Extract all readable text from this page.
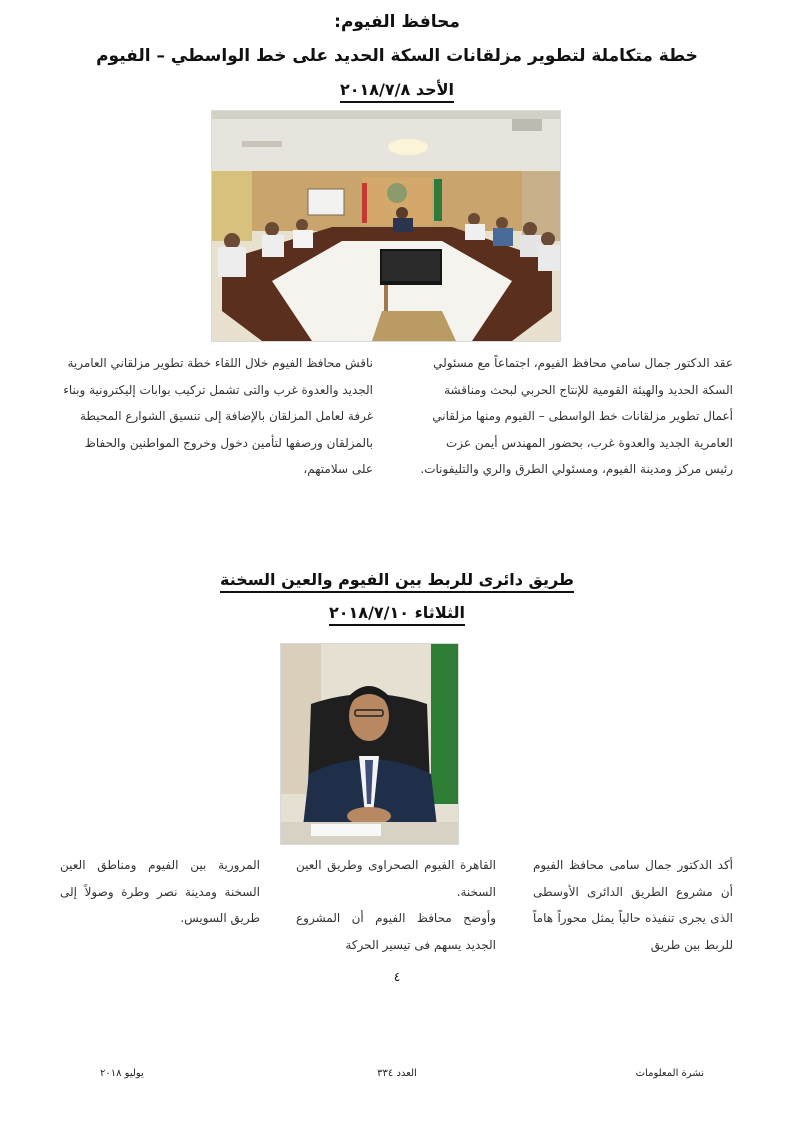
محافظ الفيوم:
خطة متكاملة لتطوير مزلقانات السكة الحديد على خط الواسطي – الفيوم
الأحد ٢٠١٨/٧/٨

عقد الدكتور جمال سامي محافظ الفيوم، اجتماعاً مع مسئولي السكة الحديد والهيئة القومية للإنتاج الحربي لبحث ومناقشة أعمال تطوير مزلقانات خط الواسطى – الفيوم ومنها مزلقاني العامرية الجديد والعدوة غرب، بحضور المهندس أيمن عزت رئيس مركز ومدينة الفيوم، ومسئولي الطرق والري والتليفونات.

ناقش محافظ الفيوم خلال اللقاء خطة تطوير مزلقاني العامرية الجديد والعدوة غرب والتى تشمل تركيب بوابات إليكترونية وبناء غرفة لعامل المزلقان بالإضافة إلى تنسيق الشوارع المحيطة بالمزلقان ورصفها لتأمين دخول وخروج المواطنين والحفاظ على سلامتهم،

طريق دائرى للربط بين الفيوم والعين السخنة
الثلاثاء ٢٠١٨/٧/١٠

أكد الدكتور جمال سامى محافظ الفيوم أن مشروع الطريق الدائرى الأوسطى الذى يجرى تنفيذه حالياً يمثل محوراً هاماً للربط بين طريق

القاهرة الفيوم الصحراوى وطريق العين السخنة.

وأوضح محافظ الفيوم أن المشروع الجديد يسهم فى تيسير الحركة

المرورية بين الفيوم ومناطق العين السخنة ومدينة نصر وطرة وصولاً إلى طريق السويس.

٤
نشرة المعلومات
العدد ٣٣٤
يوليو ٢٠١٨
